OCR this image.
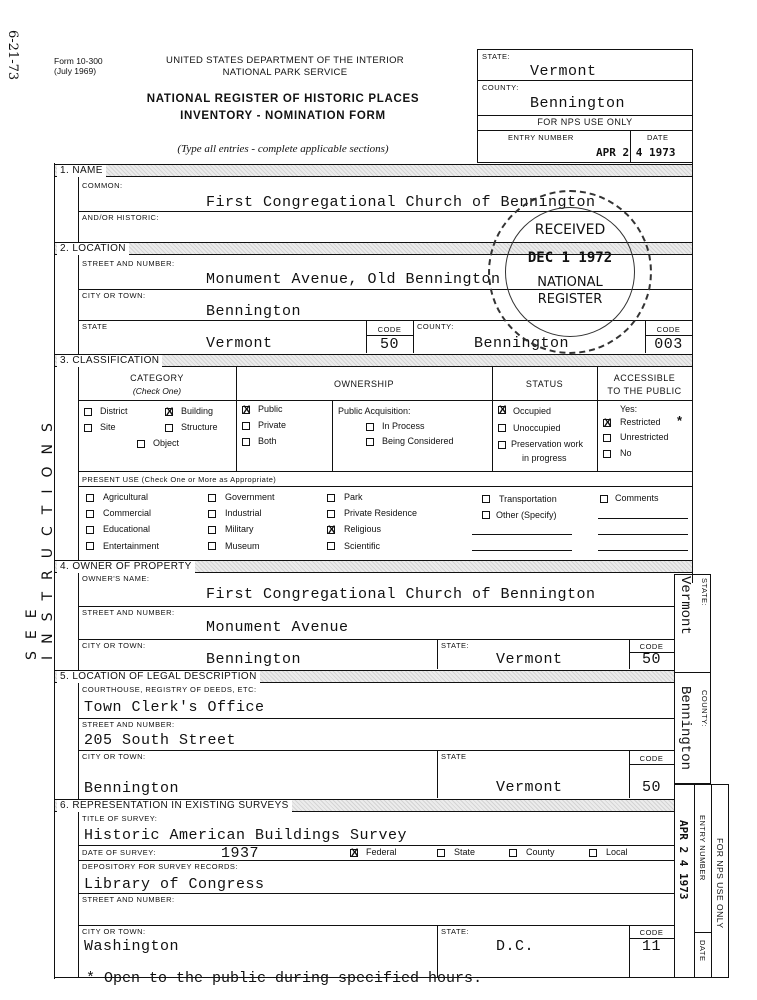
6-21-73	Form 10-300
(July 1969)
UNITED STATES DEPARTMENT OF THE INTERIOR
NATIONAL PARK SERVICE
NATIONAL REGISTER OF HISTORIC PLACES
INVENTORY - NOMINATION FORM
(Type all entries - complete applicable sections)
STATE:
Vermont
COUNTY:
Bennington
FOR NPS USE ONLY
ENTRY NUMBER	DATE
APR 2 4 1973
1. NAME
COMMON:
First Congregational Church of Bennington
AND/OR HISTORIC:
2. LOCATION
STREET AND NUMBER:
Monument Avenue, Old Bennington
CITY OR TOWN:
Bennington
STATE
Vermont
CODE
50
COUNTY:
Bennington
CODE
003
RECEIVED
DEC 1 1972
NATIONAL
REGISTER
3. CLASSIFICATION
CATEGORY
(Check One)
OWNERSHIP	STATUS
ACCESSIBLE
TO THE PUBLIC
District	X Building
Site	Structure
Object
X Public
Private
Both
Public Acquisition:
In Process
Being Considered
X Occupied
Unoccupied
Preservation work
in progress
Yes:
X Restricted *
Unrestricted
No
PRESENT USE (Check One or More as Appropriate)
Agricultural
Commercial
Educational
Entertainment
Government
Industrial
Military
Museum
Park
Private Residence
X Religious
Scientific
Transportation
Other (Specify)
Comments
4. OWNER OF PROPERTY
OWNER'S NAME:
First Congregational Church of Bennington
STREET AND NUMBER:
Monument Avenue
CITY OR TOWN:
Bennington
STATE:
Vermont
CODE
50
5. LOCATION OF LEGAL DESCRIPTION
COURTHOUSE, REGISTRY OF DEEDS, ETC:
Town Clerk's Office
STREET AND NUMBER:
205 South Street
CITY OR TOWN:
Bennington
STATE
Vermont
CODE
50
6. REPRESENTATION IN EXISTING SURVEYS
TITLE OF SURVEY:
Historic American Buildings Survey
DATE OF SURVEY:	1937	X Federal	State	County	Local
DEPOSITORY FOR SURVEY RECORDS:
Library of Congress
STREET AND NUMBER:
CITY OR TOWN:
Washington
STATE:
D.C.
CODE
11
STATE:
Vermont
COUNTY:
Bennington
ENTRY NUMBER
DATE
FOR NPS USE ONLY
APR 2 4 1973
SEE INSTRUCTIONS
* Open to the public during specified hours.
